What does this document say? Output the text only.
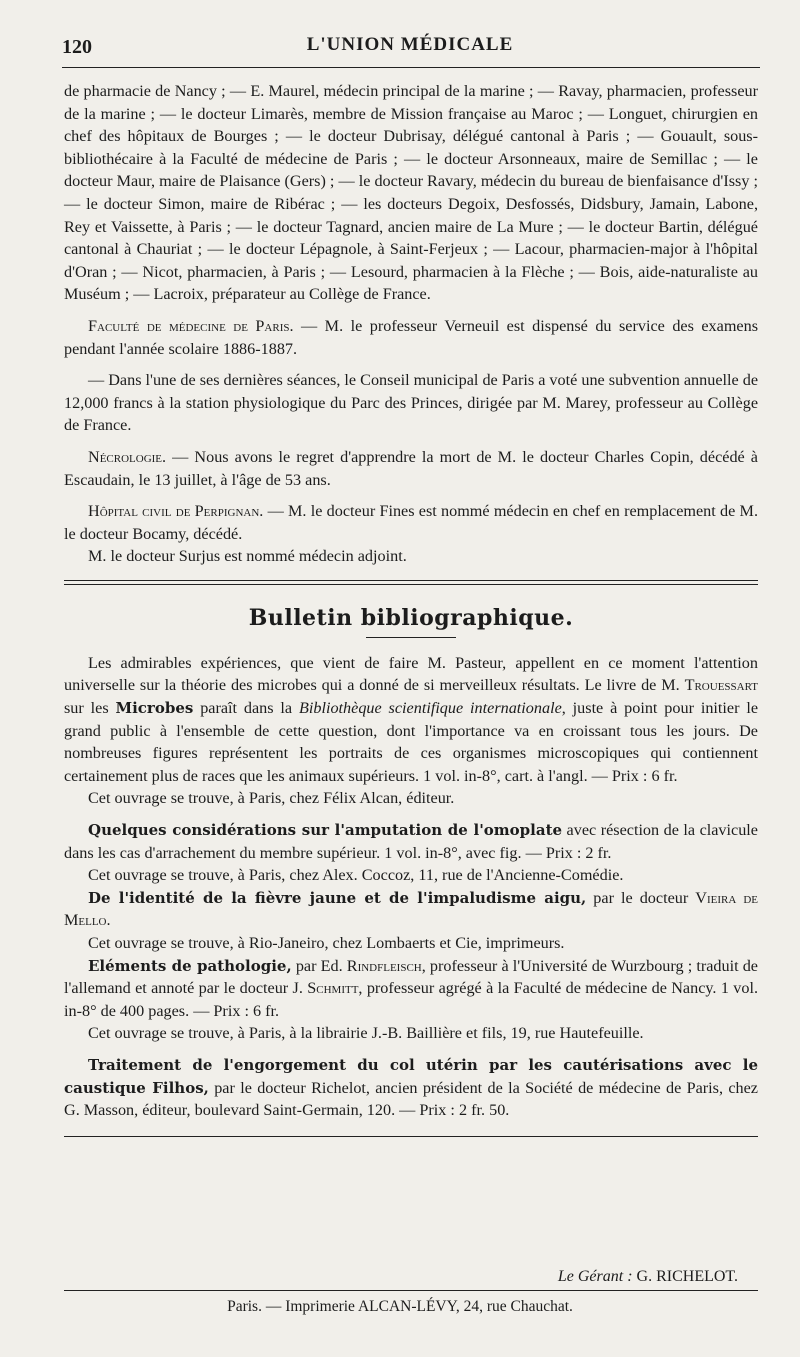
120	L'UNION MÉDICALE

de pharmacie de Nancy ; — E. Maurel, médecin principal de la marine ; — Ravay, pharmacien, professeur de la marine ; — le docteur Limarès, membre de Mission française au Maroc ; — Longuet, chirurgien en chef des hôpitaux de Bourges ; — le docteur Dubrisay, délégué cantonal à Paris ; — Gouault, sous-bibliothécaire à la Faculté de médecine de Paris ; — le docteur Arsonneaux, maire de Semillac ; — le docteur Maur, maire de Plaisance (Gers) ; — le docteur Ravary, médecin du bureau de bienfaisance d'Issy ; — le docteur Simon, maire de Ribérac ; — les docteurs Degoix, Desfossés, Didsbury, Jamain, Labone, Rey et Vaissette, à Paris ; — le docteur Tagnard, ancien maire de La Mure ; — le docteur Bartin, délégué cantonal à Chauriat ; — le docteur Lépagnole, à Saint-Ferjeux ; — Lacour, pharmacien-major à l'hôpital d'Oran ; — Nicot, pharmacien, à Paris ; — Lesourd, pharmacien à la Flèche ; — Bois, aide-naturaliste au Muséum ; — Lacroix, préparateur au Collège de France.

Faculté de médecine de Paris. — M. le professeur Verneuil est dispensé du service des examens pendant l'année scolaire 1886-1887.

— Dans l'une de ses dernières séances, le Conseil municipal de Paris a voté une subvention annuelle de 12,000 francs à la station physiologique du Parc des Princes, dirigée par M. Marey, professeur au Collège de France.

Nécrologie. — Nous avons le regret d'apprendre la mort de M. le docteur Charles Copin, décédé à Escaudain, le 13 juillet, à l'âge de 53 ans.

Hôpital civil de Perpignan. — M. le docteur Fines est nommé médecin en chef en remplacement de M. le docteur Bocamy, décédé.

M. le docteur Surjus est nommé médecin adjoint.

Bulletin bibliographique.

Les admirables expériences, que vient de faire M. Pasteur, appellent en ce moment l'attention universelle sur la théorie des microbes qui a donné de si merveilleux résultats. Le livre de M. Trouessart sur les Microbes paraît dans la Bibliothèque scientifique internationale, juste à point pour initier le grand public à l'ensemble de cette question, dont l'importance va en croissant tous les jours. De nombreuses figures représentent les portraits de ces organismes microscopiques qui contiennent certainement plus de races que les animaux supérieurs. 1 vol. in-8°, cart. à l'angl. — Prix : 6 fr.

Cet ouvrage se trouve, à Paris, chez Félix Alcan, éditeur.

Quelques considérations sur l'amputation de l'omoplate avec résection de la clavicule dans les cas d'arrachement du membre supérieur. 1 vol. in-8°, avec fig. — Prix : 2 fr.

Cet ouvrage se trouve, à Paris, chez Alex. Coccoz, 11, rue de l'Ancienne-Comédie.

De l'identité de la fièvre jaune et de l'impaludisme aigu, par le docteur Vieira de Mello.

Cet ouvrage se trouve, à Rio-Janeiro, chez Lombaerts et Cie, imprimeurs.

Eléments de pathologie, par Ed. Rindfleisch, professeur à l'Université de Wurzbourg ; traduit de l'allemand et annoté par le docteur J. Schmitt, professeur agrégé à la Faculté de médecine de Nancy. 1 vol. in-8° de 400 pages. — Prix : 6 fr.

Cet ouvrage se trouve, à Paris, à la librairie J.-B. Baillière et fils, 19, rue Hautefeuille.

Traitement de l'engorgement du col utérin par les cautérisations avec le caustique Filhos, par le docteur Richelot, ancien président de la Société de médecine de Paris, chez G. Masson, éditeur, boulevard Saint-Germain, 120. — Prix : 2 fr. 50.

Le Gérant : G. RICHELOT.
Paris. — Imprimerie ALCAN-LÉVY, 24, rue Chauchat.
